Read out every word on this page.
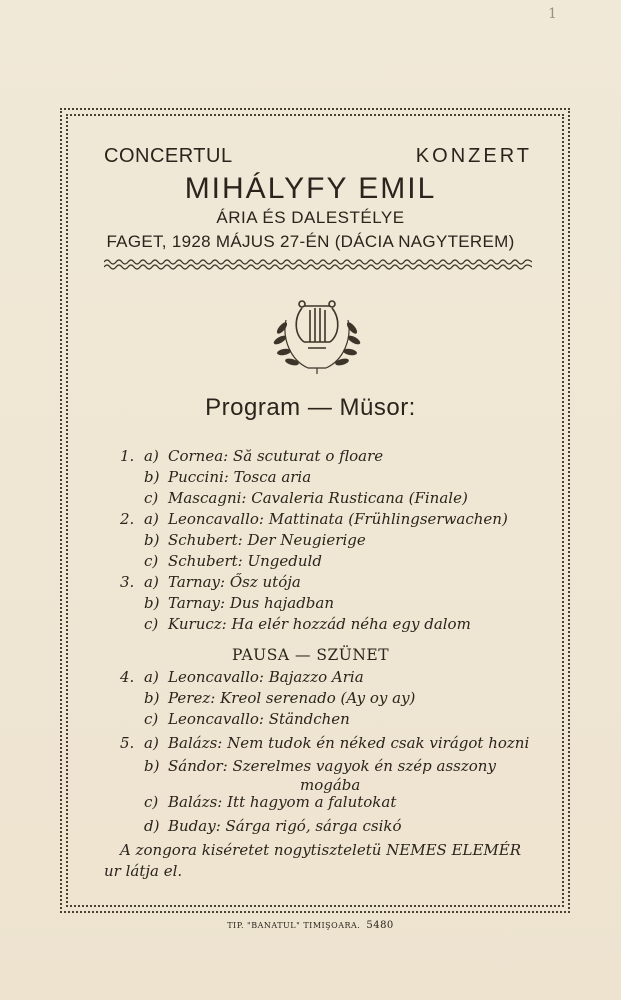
1
CONCERTUL	KONZERT
MIHÁLYFY EMIL
ÁRIA ÉS DALESTÉLYE
FAGET, 1928 MÁJUS 27-ÉN (DÁCIA NAGYTEREM)
Program — Müsor:
1. a) Cornea: Să scuturat o floare
b) Puccini: Tosca aria
c) Mascagni: Cavaleria Rusticana (Finale)
2. a) Leoncavallo: Mattinata (Frühlingserwachen)
b) Schubert: Der Neugierige
c) Schubert: Ungeduld
3. a) Tarnay: Ősz utója
b) Tarnay: Dus hajadban
c) Kurucz: Ha elér hozzád néha egy dalom
4. a) Leoncavallo: Bajazzo Aria
b) Perez: Kreol serenado (Ay oy ay)
c) Leoncavallo: Ständchen
5. a) Balázs: Nem tudok én néked csak virágot hozni
b) Sándor: Szerelmes vagyok én szép asszony
mogába
c) Balázs: Itt hagyom a falutokat
d) Buday: Sárga rigó, sárga csikó
A zongora kiséretet nogytiszteletü NEMES ELEMÉR
ur látja el.
PAUSA — SZÜNET
TIP. "BANATUL" TIMIŞOARA. 5480
